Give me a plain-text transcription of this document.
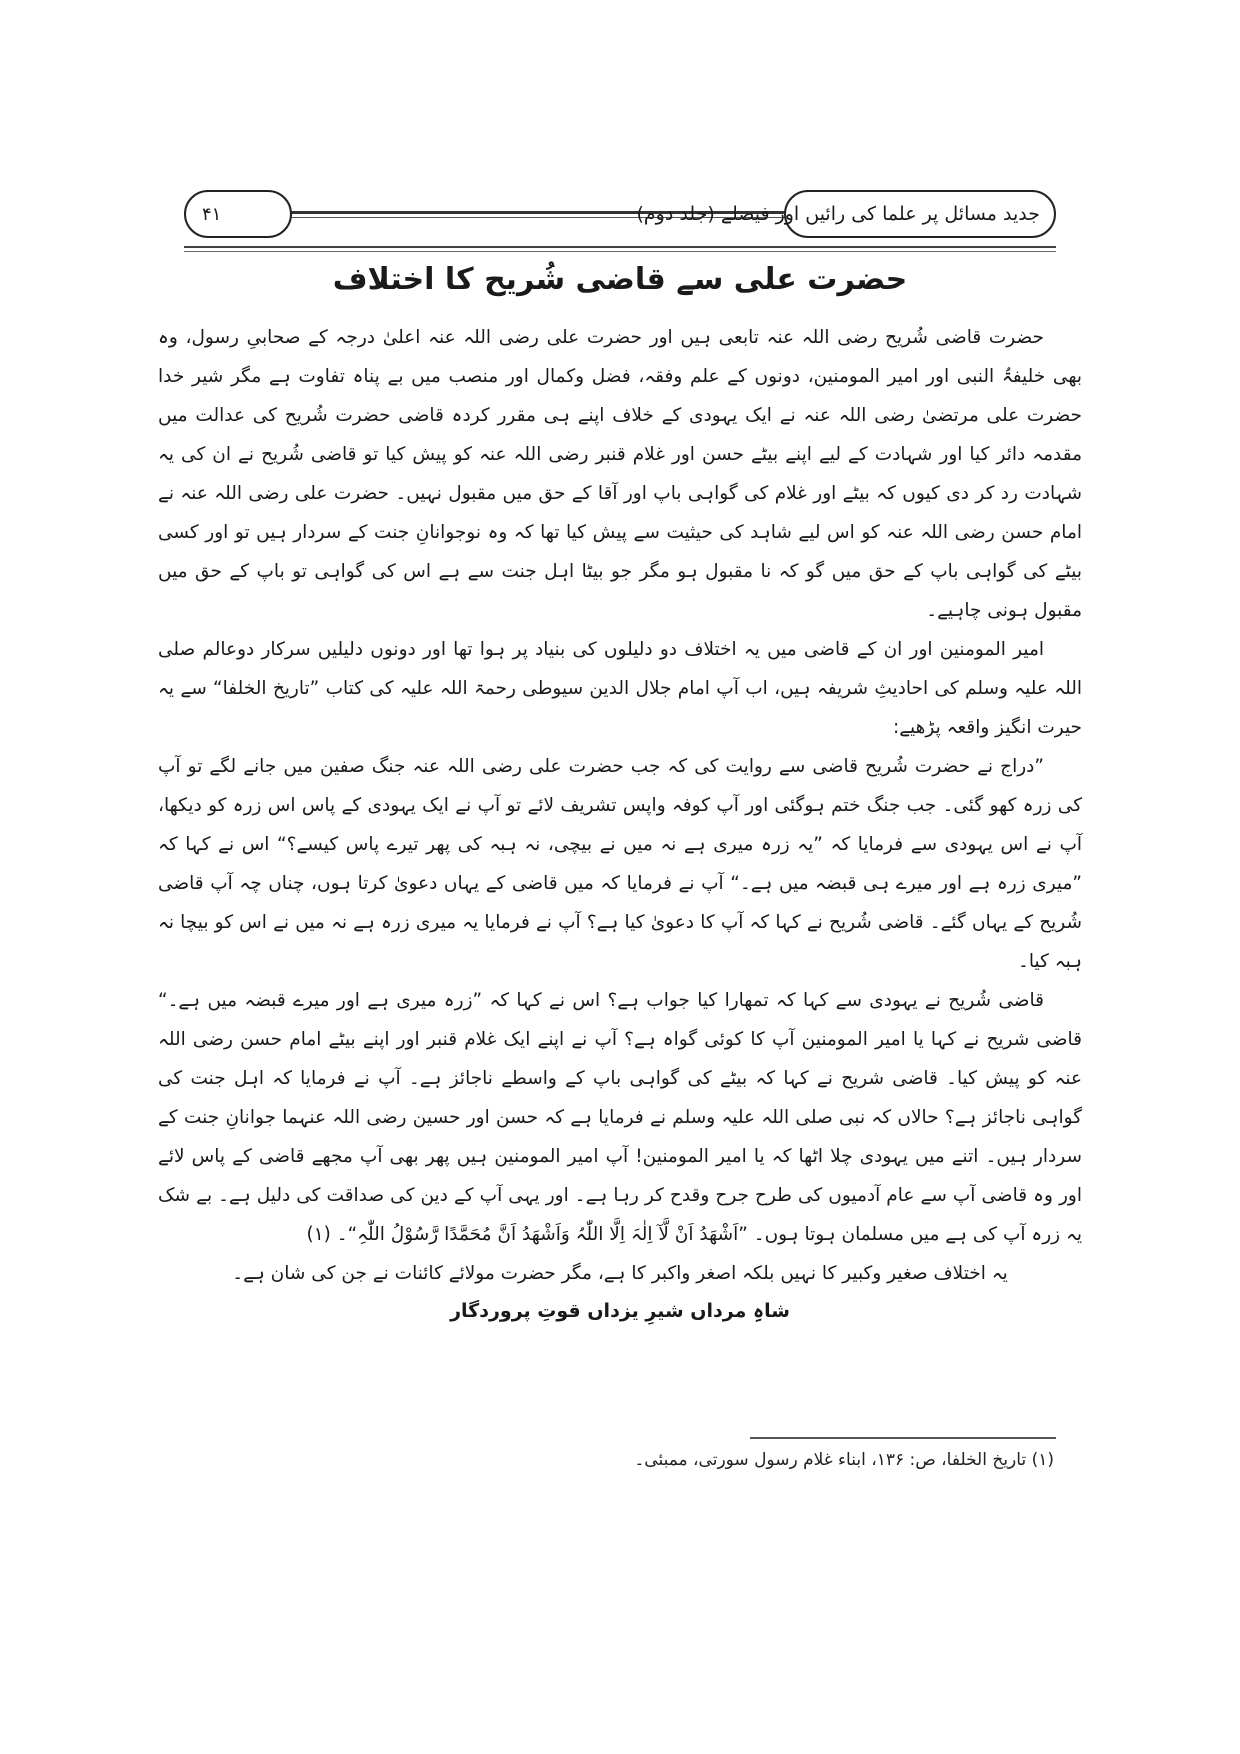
۴۱	جدید مسائل پر علما کی رائیں اور فیصلے (جلد دوم)
حضرت علی سے قاضی شُریح کا اختلاف

حضرت قاضی شُریح رضی اللہ عنہ تابعی ہیں اور حضرت علی رضی اللہ عنہ اعلیٰ درجہ کے صحابیِ رسول، وہ بھی خلیفۃُ النبی اور امیر المومنین، دونوں کے علم وفقہ، فضل وکمال اور منصب میں بے پناہ تفاوت ہے مگر شیر خدا حضرت علی مرتضیٰ رضی اللہ عنہ نے ایک یہودی کے خلاف اپنے ہی مقرر کردہ قاضی حضرت شُریح کی عدالت میں مقدمہ دائر کیا اور شہادت کے لیے اپنے بیٹے حسن اور غلام قنبر رضی اللہ عنہ کو پیش کیا تو قاضی شُریح نے ان کی یہ شہادت رد کر دی کیوں کہ بیٹے اور غلام کی گواہی باپ اور آقا کے حق میں مقبول نہیں۔ حضرت علی رضی اللہ عنہ نے امام حسن رضی اللہ عنہ کو اس لیے شاہد کی حیثیت سے پیش کیا تھا کہ وہ نوجوانانِ جنت کے سردار ہیں تو اور کسی بیٹے کی گواہی باپ کے حق میں گو کہ نا مقبول ہو مگر جو بیٹا اہل جنت سے ہے اس کی گواہی تو باپ کے حق میں مقبول ہونی چاہیے۔

امیر المومنین اور ان کے قاضی میں یہ اختلاف دو دلیلوں کی بنیاد پر ہوا تھا اور دونوں دلیلیں سرکار دوعالم صلی اللہ علیہ وسلم کی احادیثِ شریفہ ہیں، اب آپ امام جلال الدین سیوطی رحمۃ اللہ علیہ کی کتاب ”تاریخ الخلفا“ سے یہ حیرت انگیز واقعہ پڑھیے:

”دراج نے حضرت شُریح قاضی سے روایت کی کہ جب حضرت علی رضی اللہ عنہ جنگ صفین میں جانے لگے تو آپ کی زرہ کھو گئی۔ جب جنگ ختم ہوگئی اور آپ کوفہ واپس تشریف لائے تو آپ نے ایک یہودی کے پاس اس زرہ کو دیکھا، آپ نے اس یہودی سے فرمایا کہ ”یہ زرہ میری ہے نہ میں نے بیچی، نہ ہبہ کی پھر تیرے پاس کیسے؟“ اس نے کہا کہ ”میری زرہ ہے اور میرے ہی قبضہ میں ہے۔“ آپ نے فرمایا کہ میں قاضی کے یہاں دعویٰ کرتا ہوں، چناں چہ آپ قاضی شُریح کے یہاں گئے۔ قاضی شُریح نے کہا کہ آپ کا دعویٰ کیا ہے؟ آپ نے فرمایا یہ میری زرہ ہے نہ میں نے اس کو بیچا نہ ہبہ کیا۔

قاضی شُریح نے یہودی سے کہا کہ تمھارا کیا جواب ہے؟ اس نے کہا کہ ”زرہ میری ہے اور میرے قبضہ میں ہے۔“ قاضی شریح نے کہا یا امیر المومنین آپ کا کوئی گواہ ہے؟ آپ نے اپنے ایک غلام قنبر اور اپنے بیٹے امام حسن رضی اللہ عنہ کو پیش کیا۔ قاضی شریح نے کہا کہ بیٹے کی گواہی باپ کے واسطے ناجائز ہے۔ آپ نے فرمایا کہ اہل جنت کی گواہی ناجائز ہے؟ حالاں کہ نبی صلی اللہ علیہ وسلم نے فرمایا ہے کہ حسن اور حسین رضی اللہ عنہما جوانانِ جنت کے سردار ہیں۔ اتنے میں یہودی چلا اٹھا کہ یا امیر المومنین! آپ امیر المومنین ہیں پھر بھی آپ مجھے قاضی کے پاس لائے اور وہ قاضی آپ سے عام آدمیوں کی طرح جرح وقدح کر رہا ہے۔ اور یہی آپ کے دین کی صداقت کی دلیل ہے۔ بے شک یہ زرہ آپ کی ہے میں مسلمان ہوتا ہوں۔ ”اَشْھَدُ اَنْ لَّآ اِلٰہَ اِلَّا اللّٰہُ وَاَشْھَدُ اَنَّ مُحَمَّدًا رَّسُوْلُ اللّٰہِ“۔ (۱)

یہ اختلاف صغیر وکبیر کا نہیں بلکہ اصغر واکبر کا ہے، مگر حضرت مولائے کائنات نے جن کی شان ہے۔

شاہِ مرداں شیرِ یزداں قوتِ پروردگار

(۱) تاریخ الخلفا، ص: ۱۳۶، ابناء غلام رسول سورتی، ممبئی۔
